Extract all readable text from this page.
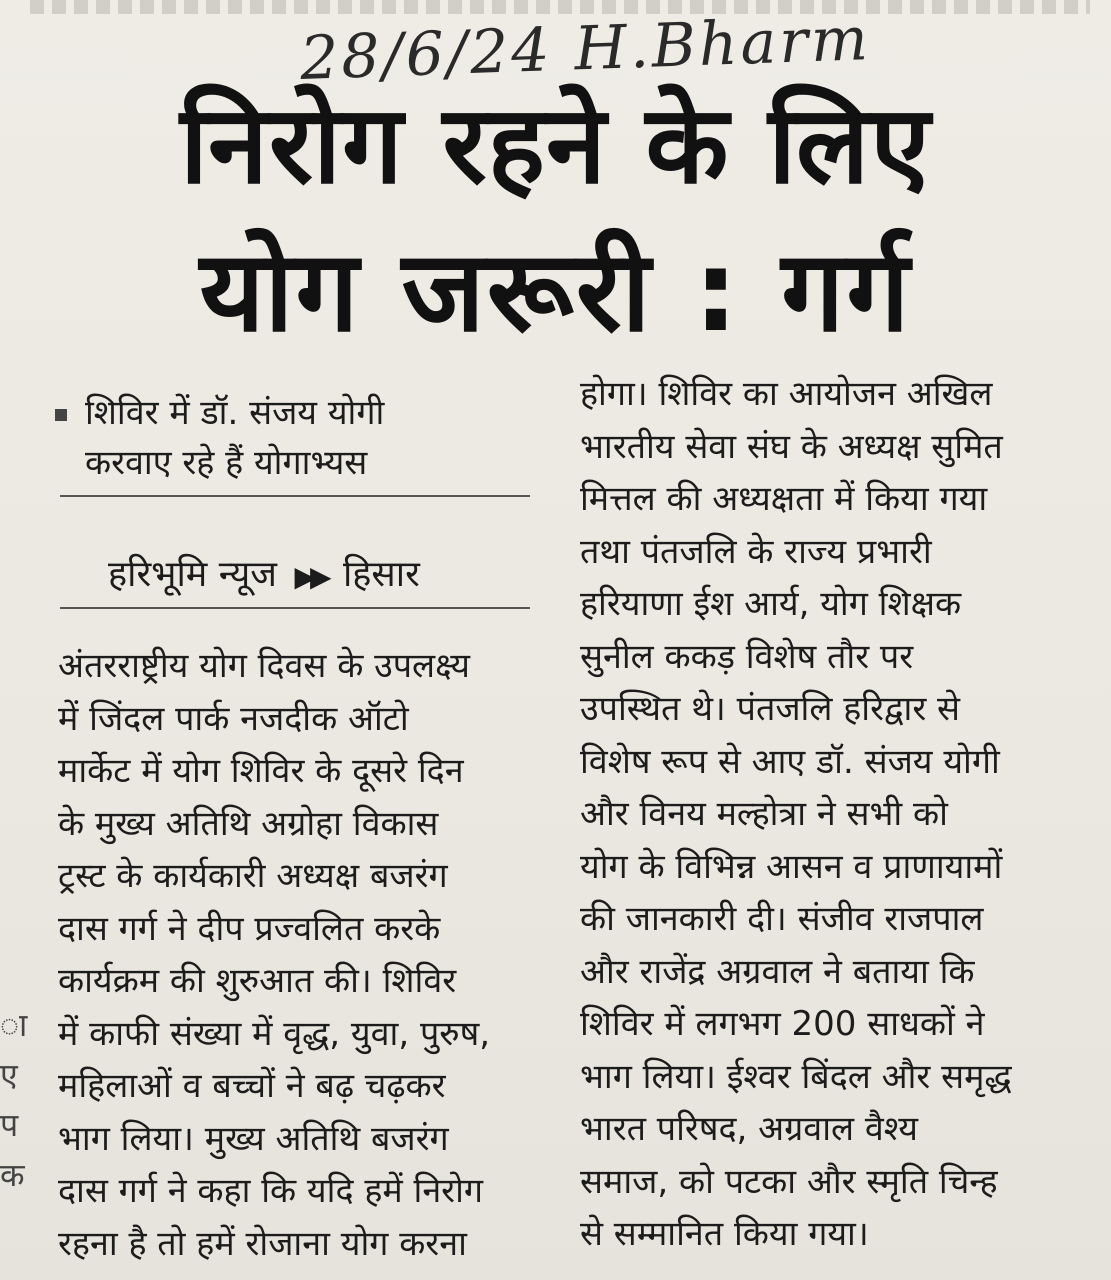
28/6/24 H.Bharm
निरोग रहने के लिए
योग जरूरी : गर्ग
शिविर में डॉ. संजय योगी
करवाए रहे हैं योगाभ्यस
हरिभूमि न्यूज ▶▶ हिसार
अंतरराष्ट्रीय योग दिवस के उपलक्ष्य
में जिंदल पार्क नजदीक ऑटो
मार्केट में योग शिविर के दूसरे दिन
के मुख्य अतिथि अग्रोहा विकास
ट्रस्ट के कार्यकारी अध्यक्ष बजरंग
दास गर्ग ने दीप प्रज्वलित करके
कार्यक्रम की शुरुआत की। शिविर
में काफी संख्या में वृद्ध, युवा, पुरुष,
महिलाओं व बच्चों ने बढ़ चढ़कर
भाग लिया। मुख्य अतिथि बजरंग
दास गर्ग ने कहा कि यदि हमें निरोग
रहना है तो हमें रोजाना योग करना
होगा। शिविर का आयोजन अखिल
भारतीय सेवा संघ के अध्यक्ष सुमित
मित्तल की अध्यक्षता में किया गया
तथा पंतजलि के राज्य प्रभारी
हरियाणा ईश आर्य, योग शिक्षक
सुनील ककड़ विशेष तौर पर
उपस्थित थे। पंतजलि हरिद्वार से
विशेष रूप से आए डॉ. संजय योगी
और विनय मल्होत्रा ने सभी को
योग के विभिन्न आसन व प्राणायामों
की जानकारी दी। संजीव राजपाल
और राजेंद्र अग्रवाल ने बताया कि
शिविर में लगभग 200 साधकों ने
भाग लिया। ईश्वर बिंदल और समृद्ध
भारत परिषद, अग्रवाल वैश्य
समाज, को पटका और स्मृति चिन्ह
से सम्मानित किया गया।
ा
ए
प
क
